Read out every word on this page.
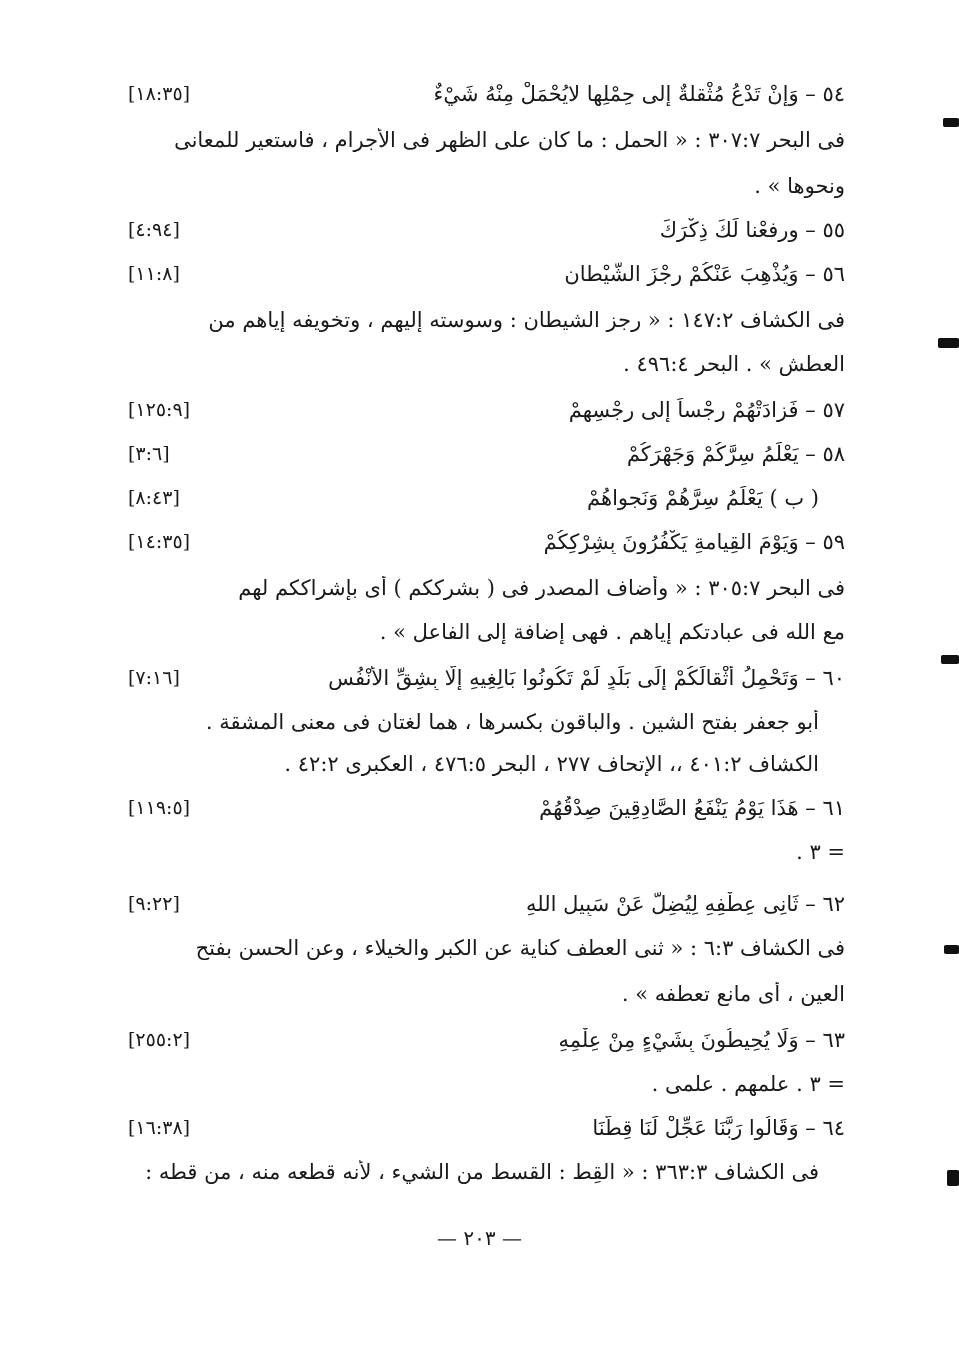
٥٤ – وَإِنْ تَدْعُ مُثْقلةٌ إلى حِمْلِها لايُحْمَلْ مِنْهُ شَيْءٌ
[١٨:٣٥]
فى البحر ٣٠٧:٧ : « الحمل : ما كان على الظهر فى الأجرام ، فاستعير للمعانى
ونحوها » .
٥٥ – ورفعْنا لَكَ ذِكْرَكَ
[٤:٩٤]
٥٦ – وَيُذْهِبَ عَنْكُمْ رِجْزَ الشَّيْطانِ
[١١:٨]
فى الكشاف ١٤٧:٢ : « رجز الشيطان : وسوسته إليهم ، وتخويفه إياهم من
العطش » . البحر ٤٩٦:٤ .
٥٧ – فَزادَتْهُمْ رِجْساً إلى رِجْسِهِمْ
[١٢٥:٩]
٥٨ – يَعْلَمُ سِرَّكُمْ وَجَهْرَكُمْ
[٣:٦]
( ب ) يَعْلَمُ سِرَّهُمْ وَنَجواهُمْ
[٨:٤٣]
٥٩ – وَيَوْمَ القِيامةِ يَكْفُرُونَ بِشِرْكِكُمْ
[١٤:٣٥]
فى البحر ٣٠٥:٧ : « وأضاف المصدر فى ( بشرككم ) أى بإشراككم لهم
مع الله فى عبادتكم إياهم . فهى إضافة إلى الفاعل » .
٦٠ – وَتَحْمِلُ أَثْقالَكُمْ إِلَى بَلَدٍ لَمْ تَكُونُوا بَالِغِيهِ إِلَّا بِشِقِّ الأَنْفُس
[٧:١٦]
أبو جعفر بفتح الشين . والباقون بكسرها ، هما لغتان فى معنى المشقة .
الكشاف ٤٠١:٢ ،، الإتحاف ٢٧٧ ، البحر ٤٧٦:٥ ، العكبرى ٤٢:٢ .
٦١ – هَذَا يَوْمُ يَنْفَعُ الصَّادِقِينَ صِدْقُهُمْ
[١١٩:٥]
= ٣ .
٦٢ – ثَانِى عِطْفِهِ لِيُضِلَّ عَنْ سَبِيلِ اللهِ
[٩:٢٢]
فى الكشاف ٦:٣ : « ثنى العطف كناية عن الكبر والخيلاء ، وعن الحسن بفتح
العين ، أى مانع تعطفه » .
٦٣ – وَلَا يُحِيطُونَ بِشَيْءٍ مِنْ عِلْمِهِ
[٢٥٥:٢]
= ٣ . علمهم . علمى .
٦٤ – وَقَالُوا رَبَّنَا عَجِّلْ لَنَا قِطَّنَا
[١٦:٣٨]
فى الكشاف ٣٦٣:٣ : « القِط : القسط من الشيء ، لأنه قطعه منه ، من قطه :
— ٢٠٣ —
